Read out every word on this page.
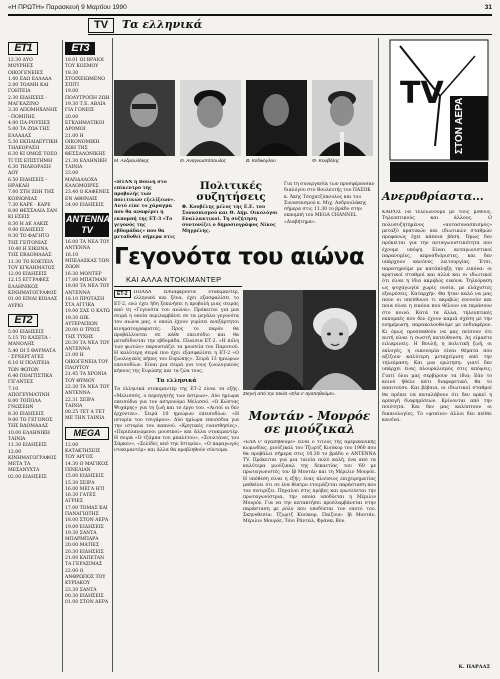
«Η ΠΡΩΤΗ» Παρασκευή 9 Μαρτίου 1990	31
TV	Τα ελληνικά
ET1
12.30 ΔΥΟ ΜΟΥΡΗΕΣ ΟΙΚΟΓΕΝΕΙΕΣ
1.00 ΕΔΩ ΕΛΛΑΔΑ
2.00 ΤΟΛΜΗ ΚΑΙ ΓΟΗΤΕΙΑ
2.30 ΕΙΔΗΣΕΙΣ - ΜΑΓΚΑΖΙΝΟ
3.30 ΑΠΟΜΗΧΑΝΗΣ - ΠΟΜΠΗΣ
4.00 ΠΑ-ΡΟΥΣΙΕΣ
5.00 ΤΑ ΖΩΑ ΤΗΣ ΕΛΛΑΔΑΣ
5.30 ΕΚΠΑΙΔΕΥΤΙΚΗ ΤΗΛΕΟΡΑΣΗ
6.30 ΚΙ ΟΜΩΣ ΤΟΣΟ ΤΙ ΤΙΣ ΕΠΙΣΤΗΜΗ
6.30 ΤΗΛΕΟΡΑΣΗ ΔΟΥ
6.50 ΕΙΔΗΣΕΙΣ - ΗΡΑΚΛΗ
7.00 ΣΤΗ ΖΩΗ ΤΗΣ ΚΟΙΝΩΝΙΑΣ
7.30 ΚΑΡΕ - ΚΑΡΕ
8.00 ΘΕΣΣΑΛΙΑ ΣΑΝ ΚΙ ΕΣΕΙΣ
8.30 Η ΔΕ ΛΑΚΙΣ
9.00 ΕΙΔΗΣΕΙΣ
9.30 ΤΟ ΦΑΓΗΤΟ ΤΗΣ ΓΕΙΤΟΝΙΑΣ
10.40 Η ΕΙΚΟΝΑ ΤΗΣ ΕΒΔΟΜΑΔΑΣ
11.30 ΤΟ ΚΟΚΤΕΙΛ ΤΟΥ ΕΓΚΛΗΜΑΤΟΣ
12.00 ΕΙΔΗΣΕΙΣ
12.15 ΕΓΓΡΑΦΕΣ ΕΛΛΗΝΙΚΟΣ ΚΙΝΗΜΑΤΟΓΡΑΦΟΣ
01.00 ΕΙΝΑΙ ΚΙΟΛΑΣ ΑΥΡΙΟ
ET2
5.00 ΕΙΔΗΣΕΙΣ
5.15 ΤΟ ΚΑΣΕΤΑ - ΜΑΝΟΛΗΣ
5.40 ΟΙ 5 ΘΑΥΜΑΤΑ - ΣΥΝΕΡΓΑΤΕΣ
6.10 Η ΠΟΛΙΤΕΙΑ ΤΩΝ ΦΩΤΩΝ
6.40 ΠΟΛΙΤΙΣΤΙΚΑ ΓΙΓΑΝΤΕΣ
7.10 ΑΠΟΓΕΥΜΑΤΙΝΗ
8.00 ΤΟΠΟΛΑ ΓΝΩΣΕΩΝ
8.30 ΕΙΔΗΣΕΙΣ
9.00 ΤΟ ΓΕΓΟΝΟΣ ΤΗΣ ΒΔΟΜΑΔΑΣ
10.00 ΕΛΛΗΝΙΚΗ ΤΑΙΝΙΑ
11.30 ΕΙΔΗΣΕΙΣ
12.00 ΚΙΝΗΜΑΤΟΓΡΑΦΟΣ ΜΕΤΑ ΤΑ ΜΕΣΑΝΥΧΤΑ
02.00 ΕΙΔΗΣΕΙΣ
ET3
18.01 ΟΙ ΒΡΑΙΟΙ ΤΟΥ ΚΟΣΜΟΥ
18.30 ΣΤΟΙΧΕΙΩΜΕΝΟ ΣΠΙΤΙ
19.00 ΠΟΛΥΤΡΟΠΗ ΖΩΗ
19.30 Τ.Ε. ΑΒΛΙΑ ΓΙΑ ΓΟΝΕΙΣ
20.00 ΕΓΚΛΗΜΑΤΙΚΟΙ ΔΡΟΜΟΙ
21.00 Η ΟΙΚΟΝΟΜΙΚΗ ΖΩΗ ΤΗΣ ΘΕΣΣΑΛΟΝΙΚΗΣ
21.30 ΕΛΛΗΝΙΚΗ ΤΑΙΝΙΑ
23.00 ΜΑΝΔΑΛΟΧΑ ΚΑΛΟΜΟΙΡΕΣ
23.40 Ο ΚΑΦΕΝΕΣ ΕΝ ΑΘΗΝΑΙΣ
24.00 ΕΙΔΗΣΕΙΣ
ANTENNA TV
16.00 ΤΑ ΝΕΑ ΤΟΥ ANTENNA
16.10 ΜΠΕΛΑΣΚΑΣ ΤΩΝ ΖΩΩΝ
16.30 ΜΟΝΤΕΡ
17.00 ΜΠΑΤΜΑΝ
18.00 ΤΑ ΝΕΑ ΤΟΥ ANTENNA
18.10 ΠΡΟΤΑΣΗ ΣΤΑ ΑΓΓΙΚΑ
19.00 ΣΑΣ Ο ΚΑΤΩ
19.30 ΟΙΚ. ΑΥΤΕΡΑΠΙΩΝ
20.00 Ο ΤΡΙΟΣ ΤΗΣ ΤΥΧΗΣ
20.30 ΤΑ ΝΕΑ ΤΟΥ ANTENNA
21.00 Η ΟΙΚΟΓΕΝΕΙΑ ΤΟΥ ΠΛΟΥΤΟΥ
21.45 ΤΑ ΧΡΟΝΙΑ ΤΟΥ ΘΥΜΟΥ
22.30 ΤΑ ΝΕΑ ΤΟΥ ANTENNA
22.31 ΣΕΙΡΑ ΤΑΙΝΙΑ
00.25 ΤΕΤ Α ΤΕΤ ΜΕ ΤΗΝ ΤΑΙΝΙΑ
MEGA
12.00 ΚΑΤΑΚΤΗΣΕΙΣ ΤΟΥ ΑΡΓΟΣ
14.30 Ο ΜΑΓΙΚΟΣ ΠΙΝΕΛΙΑΝ
15.00 ΕΙΔΗΣΕΙΣ
15.30 ΣΕΙΡΑ
16.00 ΜΕΓΑ ΗΤΙ
16.30 ΓΑΤΕΣ ΑΓΡΙΕΣ
17.00 ΤΟΜΑΣ ΚΑΙ ΠΑΝΑΓΙΩΤΗΣ
18.00 ΣΤΟΝ ΑΕΡΑ
19.00 ΕΙΔΗΣΕΙΣ
19.30 ΣΑΝΤΑ ΜΠΑΡΜΠΑΡΑ
20.00 ΜΑΤΙΕΣ
20.30 ΕΙΔΗΣΕΙΣ
21.00 ΚΑΠΕΤΑΝ ΤΑ ΓΕΡΑΣΙΜΑΣ
22.00 Ο ΑΝΘΡΩΠΟΣ ΤΟΥ ΚΥΡΙΑΚΟΥ
23.30 ΣΑΝΤΑ
00.30 ΕΙΔΗΣΕΙΣ
01.00 ΣΤΟΝ ΑΕΡΑ
Μ. Ανδρουλάκης	Θ. Αναγνωστόπουλος	Β. Κεδικογλου	Φ. Κουβέλης
«ΗΤΑΝ η Βουλή στο επίκεντρο της προβολής των πολιτικών εξελίξεων». Αυτό είπε το χάραγμα που θα αναφέρει η εκπομπή της ΕΤ-3 «Το γεγονός της εβδομάδας» που θα μεταδοθεί σήμερα στις
Πολιτικές συζητήσεις
Φ. Κουβέλης μέλος της Ε.Ε. του Συνασπισμού και Θ. Δήμ. Οικολόγοι Εναλλακτικοί. Τη συζήτηση συντονίζει ο δημοσιογράφος Νίκος Μηγρέλης.
Για τη συνεργασία των προσφέρουσαν διαλόγου στο Βουλευτής του ΠΑΣΟΚ κ. Άκης Τσοχατζόπουλος και του Συνασπισμού κ. Μιχ. Ανδρουλάκης σήμερα στις 11.30 το βράδυ στην εκπομπή του MEGA CHANNEL «Διαβήτημα».
Γεγονότα του αιώνα
ΚΑΙ ΑΛΛΑ ΝΤΟΚΙΜΑΝΤΕΡ
ΕΤ-2	ΠΟΛΛΑ ενδιαφέροντα ντοκιμαντέρ, ελληνικά και ξένα, έχει εξασφαλίσει το ΕΤ-2, ενώ έχει ήδη ξεκινήσει η προβολή μιας σειράς από τη «Γεγονότα του αιώνα». Πρόκειται για μια σειρά η οποία περιλαμβάνει σε τα μεγάλα γεγονότα του αιώνα μας, ο οποία έχουν γυρίσει ανεξάρτητοι κινηματογραφιστές. Προς το παρόν θα προβάλλονται σε κάθε επεισόδιο και θα μεταδίδονται την εβδομάδα. Πλαίσια ΕΤ-2. «Η πόλη των φωτών» παρουσιάζει τα μουσεία του Παρισιού. Η καλύτερη σειρά που έχει εξασφαλίσει η ΕΤ-2 «Ο ζωολογικός κήπος του Ευρώπης». Σειρά 13 ημιώρων επεισοδίων. Είναι μια σειρά για τους ζωολογικούς κήπους της Ευρώπης και τα ζώα τους.
Τα ελληνικά
Τα ελληνικά ντοκιμαντέρ της ΕΤ-2 είναι τα εξής: «Μελισσός, ο περιηγητής των άστρων». Δύο ημίωρα επεισόδια για τον αστρονόμο Μελισσό. «Ο Κώστας Ψυχάρης» για τη ζωή και το έργο του. «Αυτοί οι δεν έρχονται». Σειρά 10 ημιώρων επεισοδίων. «Η ιστορία του τσιγάρου». Δύο ημίωρα επεισόδια για την ιστορία του καπνού. «Κρητικές ευαισθησίες», «Περιπλανώμενοι μουσικοί» και άλλα ντοκιμαντέρ. Η σειρά «Ο τζάμπα του μπαλέτου», «Σουλτάνες του Σάρκεν», «Σελίδες από την Ιστορία», «Ο παραγωγός ντοκιμαντέρ» και άλλα θα προβληθούν σύντομα.
Σκηνή από την ταινία «Ελα ν' αγαπηθούμε».
Μοντάν - Μονρόε σε μιούζικαλ
«ΕΛΑ ν' αγαπηθούμε» είναι ο τίτλος της αμερικανικής κωμωδίας, μιούζικαλ του Τζωρτζ Κιούκορ του 1960 που θα προβάλει σήμερα στις 10.30 το βράδυ ο ANTENNA TV. Πρόκειται για μια ταινία πολύ καλή, ένα από τα καλύτερα μιούζικαλ της δεκαετίας του '60 με πρωταγωνιστές τον Ιβ Μοντάν και τη Μέριλιν Μονρόε. Η υπόθεση είναι η εξής: ένας πλούσιος επιχειρηματίας μαθαίνει ότι σε ένα θέατρο ετοιμάζεται παράσταση που τον σατιρίζει. Πηγαίνει στις πρόβες και ερωτεύεται την πρωταγωνίστρια, την οποία υποδύεται η Μέριλιν Μονρόε. Για να την κατακτήσει προσλαμβάνεται στην παράσταση με ρόλο που υποδύεται τον εαυτό του. Σκηνοθεσία: Τζωρτζ Κιούκορ. Παίζουν: Ιβ Μοντάν, Μέριλιν Μονρόε, Τόνι Ράνταλ, Φράνκι Βον.
TV
ΣΤΟΝ ΑΕΡΑ
Ανερυθρίαστα...
ΚΑΙΡΟΣ να τελειώνουμε με τους μύθους. Τηλεοπτικούς και άλλους. Ο πολυσυζητημένος «αντασυνασπισμός» μεταξύ κρατικών και ιδιωτικών σταθμών προφανώς έχει κάποια βάση. Όμως δεν πρόκειται για την ανταγωνιστικότητα που έχουμε υπόψη. Είναι ανταγωνιστικοί παρανομίες, απροσδιόριστες, και δεν υπάρχουν κανόνες λειτουργίας. Έτσι, παρατηρούμε με κατάπληξη την εικόνα: οι κρατικοί σταθμοί και αλλά και οι ιδιωτικοί ότι είναι η ίδια ακριβώς εικόνα. Τηλεόραση ως ψυχαγωγία χωρίς ουσία, με ελάχιστες εξαιρέσεις. Καταρχήν. Θα ήταν καλό να μας πουν οι υπεύθυνοι τι ακριβώς εννοούν και ποια είναι η εικόνα που θέλουν να περάσουν στο κοινό. Κατά τα άλλα, τηλεοπτικές εκπομπές που δεν έχουν καμιά σχέση με την ενημέρωση, παρακολουθούμε με ενδιαφέρον. Κι όμως προσπαθούν να μας πείσουν ότι αυτή είναι η σωστή κατεύθυνση. Ας είμαστε ειλικρινείς. Η Βουλή, η πολιτική ζωή, οι εκλογές, η οικονομία είναι θέματα που αξίζουν καλύτερη μεταχείριση από την τηλεόραση. Και μια ερώτηση: γιατί δεν υπάρχει ένας πλουραλισμός στις απόψεις; Γιατί όλοι μας σερβίρουν τα ίδια; Εάν το κοινό ήθελε κάτι διαφορετικό, θα το απαιτούσε. Και βέβαια, οι ιδιωτικοί σταθμοί θα πρέπει να καταλάβουν ότι δεν αρκεί η αρπαγή διαφημίσεων. Κρίνονται από την ποιότητα. Και δεν μας καλύπτουν οι δικαιολογίες. Το «φταίνε» άλλοι δεν πείθει κανένα.
Κ. ΠΑΡΛΑΣ
